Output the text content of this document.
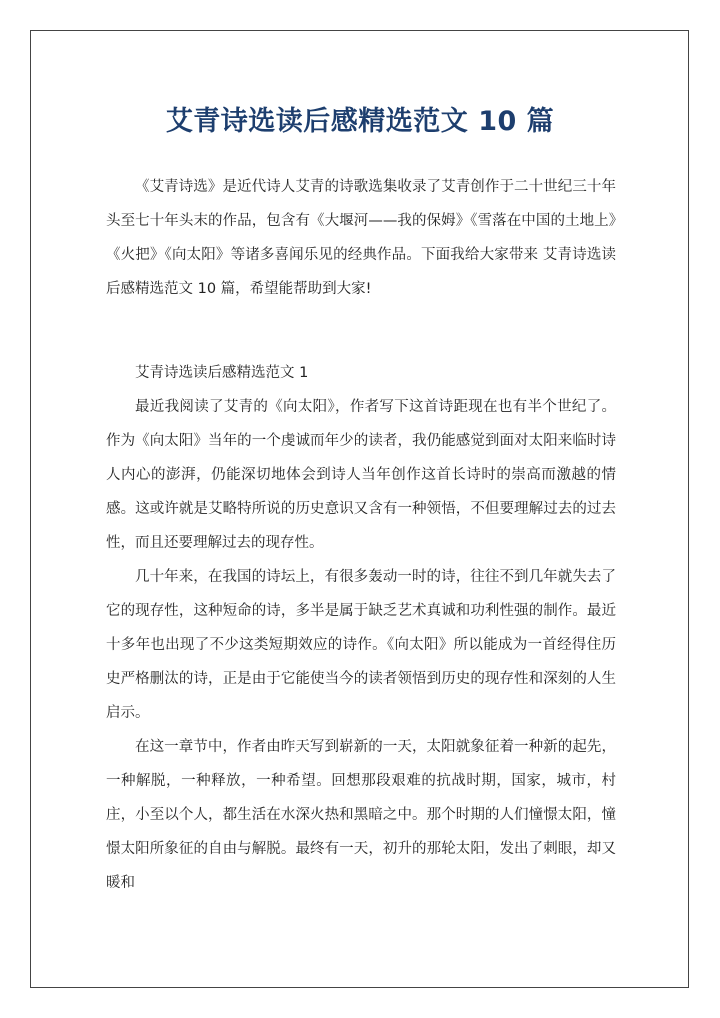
艾青诗选读后感精选范文 10 篇

《艾青诗选》是近代诗人艾青的诗歌选集收录了艾青创作于二十世纪三十年头至七十年头末的作品，包含有《大堰河——我的保姆》《雪落在中国的土地上》《火把》《向太阳》等诸多喜闻乐见的经典作品。下面我给大家带来 艾青诗选读后感精选范文 10 篇，希望能帮助到大家!

艾青诗选读后感精选范文 1

最近我阅读了艾青的《向太阳》，作者写下这首诗距现在也有半个世纪了。作为《向太阳》当年的一个虔诚而年少的读者，我仍能感觉到面对太阳来临时诗人内心的澎湃，仍能深切地体会到诗人当年创作这首长诗时的崇高而激越的情感。这或许就是艾略特所说的历史意识又含有一种领悟，不但要理解过去的过去性，而且还要理解过去的现存性。

几十年来，在我国的诗坛上，有很多轰动一时的诗，往往不到几年就失去了它的现存性，这种短命的诗，多半是属于缺乏艺术真诚和功利性强的制作。最近十多年也出现了不少这类短期效应的诗作。《向太阳》所以能成为一首经得住历史严格删汰的诗，正是由于它能使当今的读者领悟到历史的现存性和深刻的人生启示。

在这一章节中，作者由昨天写到崭新的一天，太阳就象征着一种新的起先，一种解脱，一种释放，一种希望。回想那段艰难的抗战时期，国家，城市，村庄，小至以个人，都生活在水深火热和黑暗之中。那个时期的人们憧憬太阳，憧憬太阳所象征的自由与解脱。最终有一天，初升的那轮太阳，发出了刺眼，却又暖和
